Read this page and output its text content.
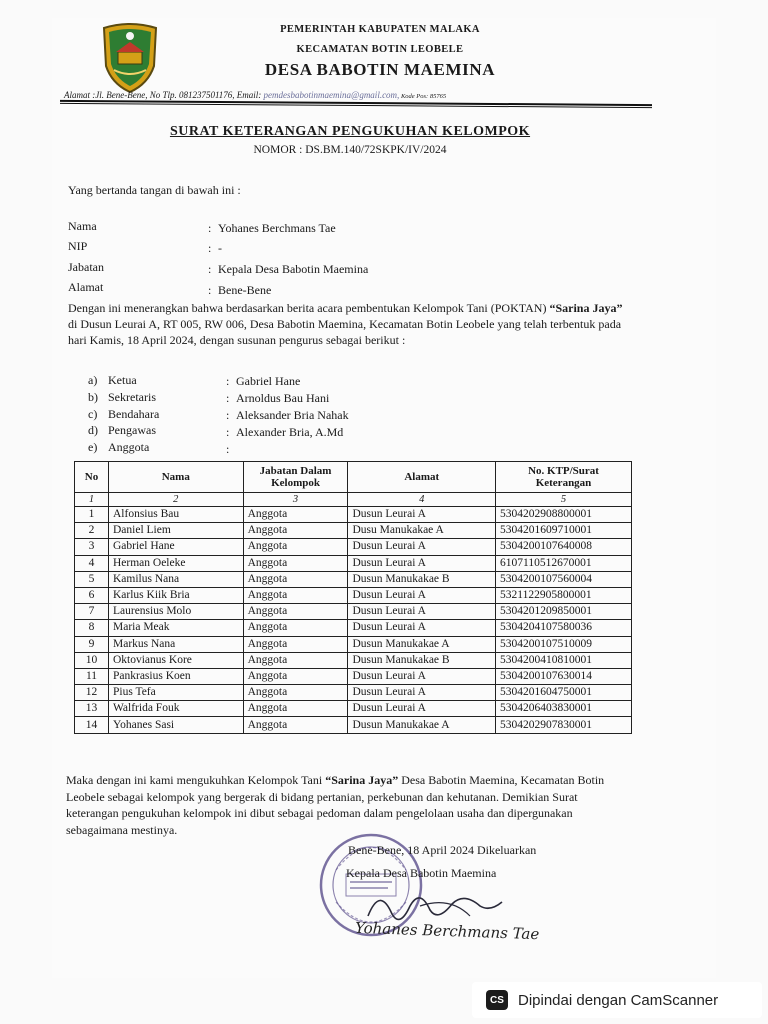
PEMERINTAH KABUPATEN MALAKA
KECAMATAN BOTIN LEOBELE
DESA BABOTIN MAEMINA
Alamat :Jl. Bene-Bene, No Tlp. 081237501176, Email: pemdesbabotinmaemina@gmail.com, Kode Pos: 85765
SURAT KETERANGAN PENGUKUHAN KELOMPOK
NOMOR : DS.BM.140/72SKPK/IV/2024
Yang bertanda tangan di bawah ini :
Nama	: Yohanes Berchmans Tae
NIP	: -
Jabatan	: Kepala Desa Babotin Maemina
Alamat	: Bene-Bene
Dengan ini menerangkan bahwa berdasarkan berita acara pembentukan Kelompok Tani (POKTAN) “Sarina Jaya” di Dusun Leurai A, RT 005, RW 006, Desa Babotin Maemina, Kecamatan Botin Leobele yang telah terbentuk pada hari Kamis, 18 April 2024, dengan susunan pengurus sebagai berikut :
a) Ketua	: Gabriel Hane
b) Sekretaris	: Arnoldus Bau Hani
c) Bendahara	: Aleksander Bria Nahak
d) Pengawas	: Alexander Bria, A.Md
e) Anggota	:
No	Nama	Jabatan Dalam Kelompok	Alamat	No. KTP/Surat Keterangan
1	2	3	4	5
1	Alfonsius Bau	Anggota	Dusun Leurai A	5304202908800001
2	Daniel Liem	Anggota	Dusu Manukakae A	5304201609710001
3	Gabriel Hane	Anggota	Dusun Leurai A	5304200107640008
4	Herman Oeleke	Anggota	Dusun Leurai A	6107110512670001
5	Kamilus Nana	Anggota	Dusun Manukakae B	5304200107560004
6	Karlus Kiik Bria	Anggota	Dusun Leurai A	5321122905800001
7	Laurensius Molo	Anggota	Dusun Leurai A	5304201209850001
8	Maria Meak	Anggota	Dusun Leurai A	5304204107580036
9	Markus Nana	Anggota	Dusun Manukakae A	5304200107510009
10	Oktovianus Kore	Anggota	Dusun Manukakae B	5304200410810001
11	Pankrasius Koen	Anggota	Dusun Leurai A	5304200107630014
12	Pius Tefa	Anggota	Dusun Leurai A	5304201604750001
13	Walfrida Fouk	Anggota	Dusun Leurai A	5304206403830001
14	Yohanes Sasi	Anggota	Dusun Manukakae A	5304202907830001
Maka dengan ini kami mengukuhkan Kelompok Tani “Sarina Jaya” Desa Babotin Maemina, Kecamatan Botin Leobele sebagai kelompok yang bergerak di bidang pertanian, perkebunan dan kehutanan. Demikian Surat keterangan pengukuhan kelompok ini dibut sebagai pedoman dalam pengelolaan usaha dan dipergunakan sebagaimana mestinya.
Bene-Bene, 18 April 2024 Dikeluarkan
Kepala Desa Babotin Maemina
Yohanes Berchmans Tae
CS Dipindai dengan CamScanner
